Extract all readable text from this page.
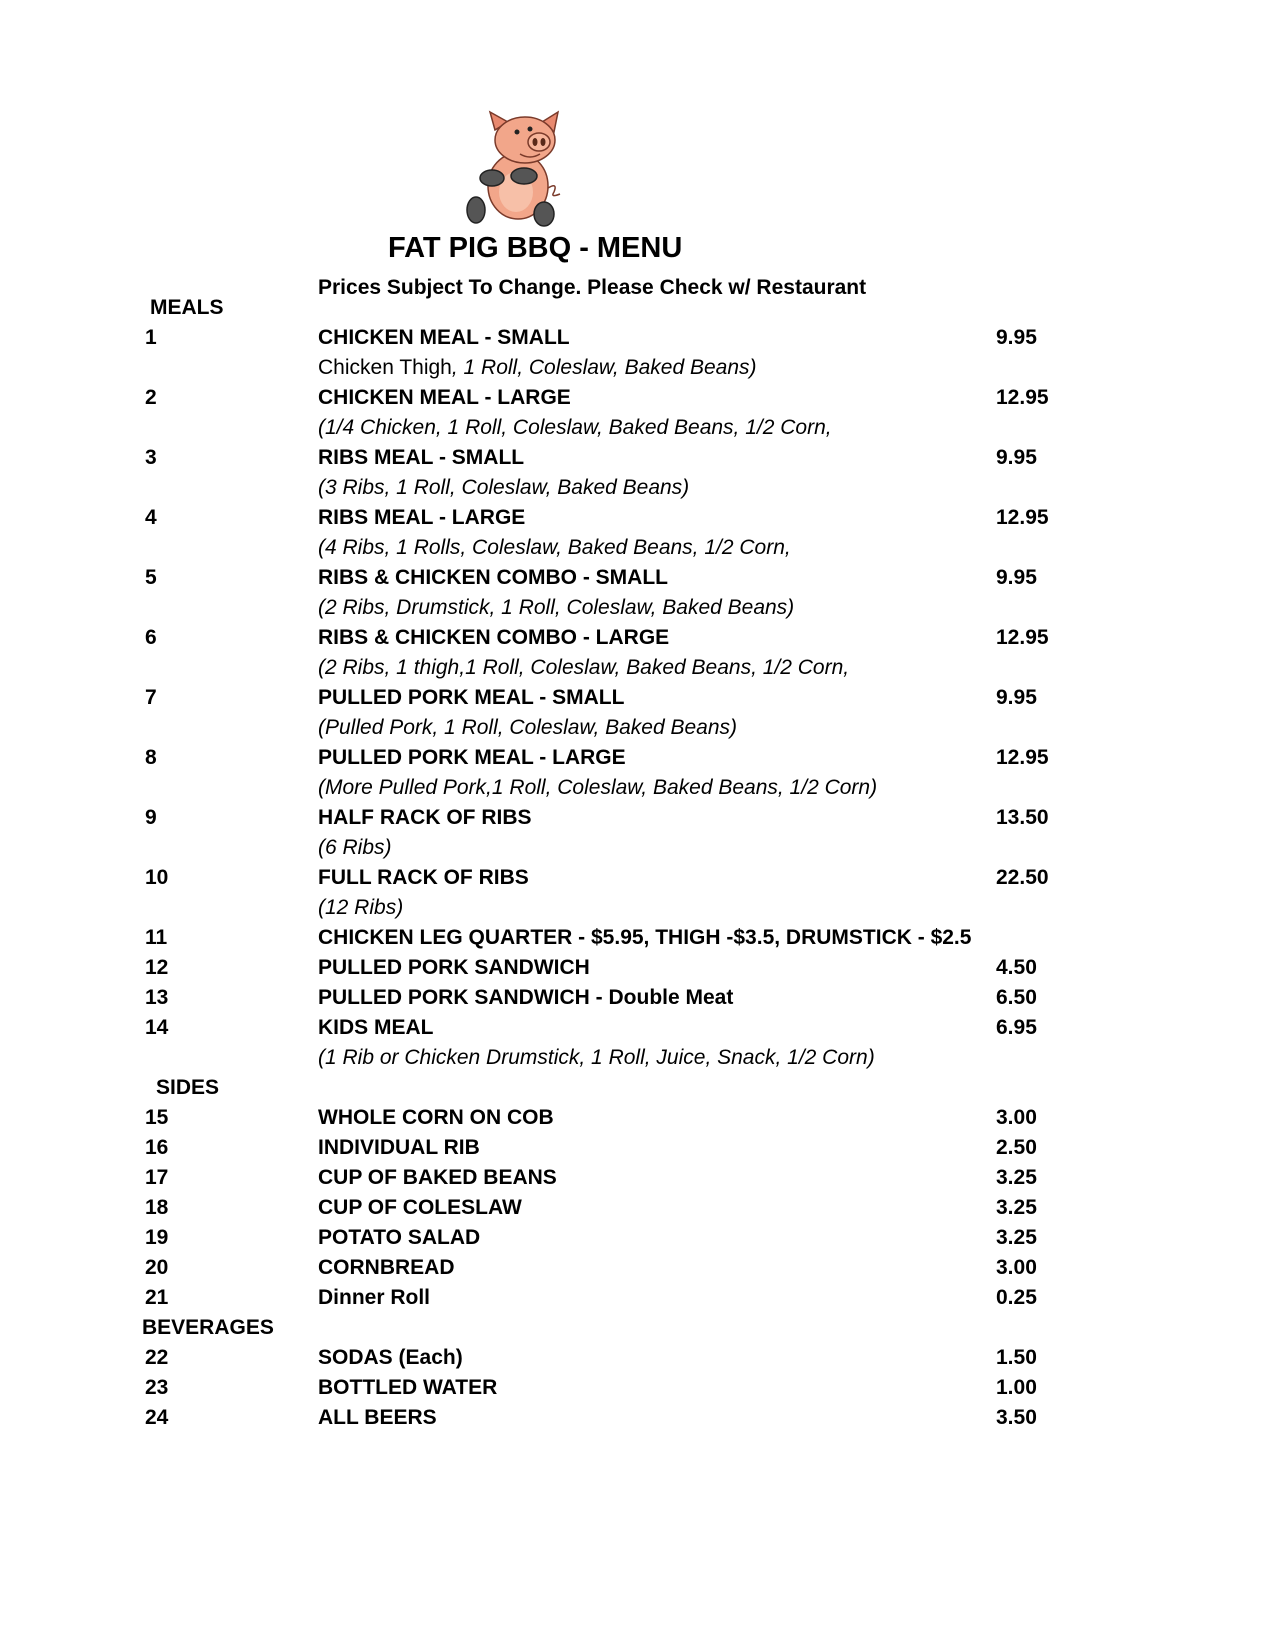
FAT PIG BBQ - MENU
Prices Subject To Change. Please Check w/ Restaurant
MEALS
1	CHICKEN MEAL - SMALL	9.95
Chicken Thigh, 1 Roll, Coleslaw, Baked Beans)
2	CHICKEN MEAL - LARGE	12.95
(1/4 Chicken, 1 Roll, Coleslaw, Baked Beans, 1/2 Corn,
3	RIBS MEAL - SMALL	9.95
(3 Ribs, 1 Roll, Coleslaw, Baked Beans)
4	RIBS MEAL - LARGE	12.95
(4 Ribs, 1 Rolls, Coleslaw, Baked Beans, 1/2 Corn,
5	RIBS & CHICKEN COMBO - SMALL	9.95
(2 Ribs, Drumstick, 1 Roll, Coleslaw, Baked Beans)
6	RIBS & CHICKEN COMBO - LARGE	12.95
(2 Ribs, 1 thigh,1 Roll, Coleslaw, Baked Beans, 1/2 Corn,
7	PULLED PORK MEAL - SMALL	9.95
(Pulled Pork, 1 Roll, Coleslaw, Baked Beans)
8	PULLED PORK MEAL - LARGE	12.95
(More Pulled Pork,1 Roll, Coleslaw, Baked Beans, 1/2 Corn)
9	HALF RACK OF RIBS	13.50
(6 Ribs)
10	FULL RACK OF RIBS	22.50
(12 Ribs)
11	CHICKEN LEG QUARTER - $5.95, THIGH -$3.5, DRUMSTICK - $2.5
12	PULLED PORK SANDWICH	4.50
13	PULLED PORK SANDWICH - Double Meat	6.50
14	KIDS MEAL	6.95
(1 Rib or Chicken Drumstick, 1 Roll, Juice, Snack, 1/2 Corn)
SIDES
15	WHOLE CORN ON COB	3.00
16	INDIVIDUAL RIB	2.50
17	CUP OF BAKED BEANS	3.25
18	CUP OF COLESLAW	3.25
19	POTATO SALAD	3.25
20	CORNBREAD	3.00
21	Dinner Roll	0.25
BEVERAGES
22	SODAS (Each)	1.50
23	BOTTLED WATER	1.00
24	ALL BEERS	3.50
